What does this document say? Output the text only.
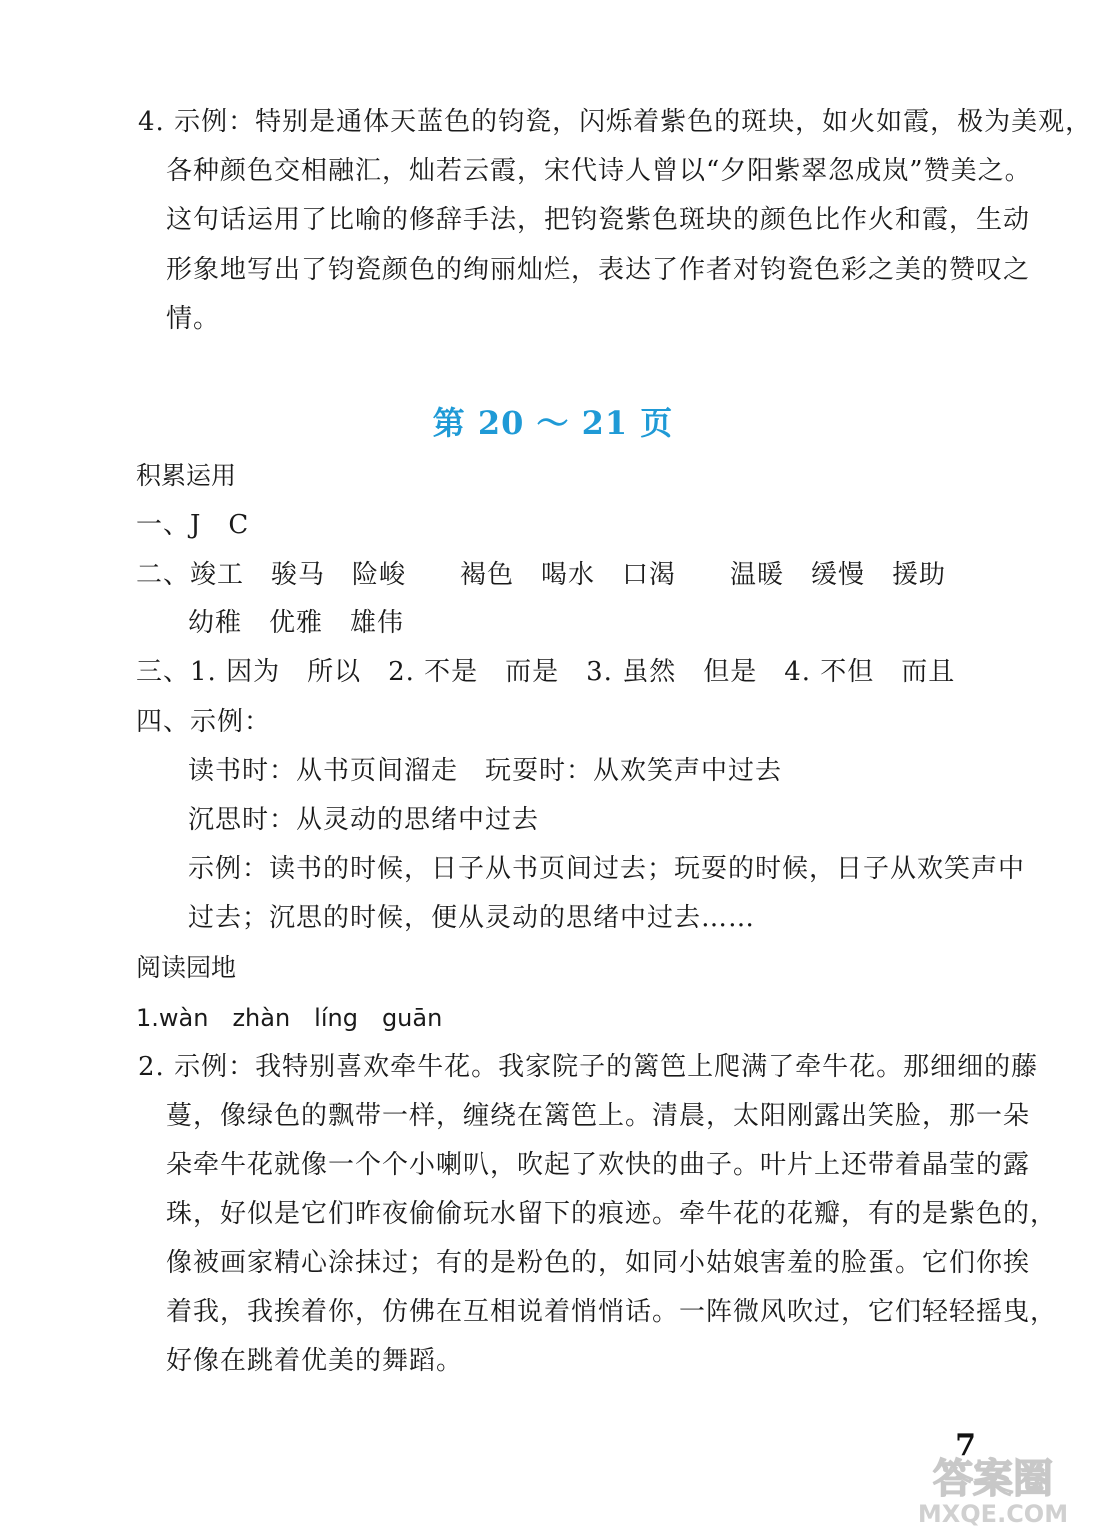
4. 示例：特别是通体天蓝色的钧瓷，闪烁着紫色的斑块，如火如霞，极为美观，
各种颜色交相融汇，灿若云霞，宋代诗人曾以“夕阳紫翠忽成岚”赞美之。
这句话运用了比喻的修辞手法，把钧瓷紫色斑块的颜色比作火和霞，生动
形象地写出了钧瓷颜色的绚丽灿烂，表达了作者对钧瓷色彩之美的赞叹之
情。
第 20 ～ 21 页
积累运用
一、J　C
二、竣工　骏马　险峻　　褐色　喝水　口渴　　温暖　缓慢　援助
幼稚　优雅　雄伟
三、1. 因为　所以　2. 不是　而是　3. 虽然　但是　4. 不但　而且
四、示例：
读书时：从书页间溜走　玩耍时：从欢笑声中过去
沉思时：从灵动的思绪中过去
示例：读书的时候，日子从书页间过去；玩耍的时候，日子从欢笑声中
过去；沉思的时候，便从灵动的思绪中过去……
阅读园地
1.wàn　zhàn　líng　guān
2. 示例：我特别喜欢牵牛花。我家院子的篱笆上爬满了牵牛花。那细细的藤
蔓，像绿色的飘带一样，缠绕在篱笆上。清晨，太阳刚露出笑脸，那一朵
朵牵牛花就像一个个小喇叭，吹起了欢快的曲子。叶片上还带着晶莹的露
珠，好似是它们昨夜偷偷玩水留下的痕迹。牵牛花的花瓣，有的是紫色的，
像被画家精心涂抹过；有的是粉色的，如同小姑娘害羞的脸蛋。它们你挨
着我，我挨着你，仿佛在互相说着悄悄话。一阵微风吹过，它们轻轻摇曳，
好像在跳着优美的舞蹈。
7
答案圈
MXQE.COM
